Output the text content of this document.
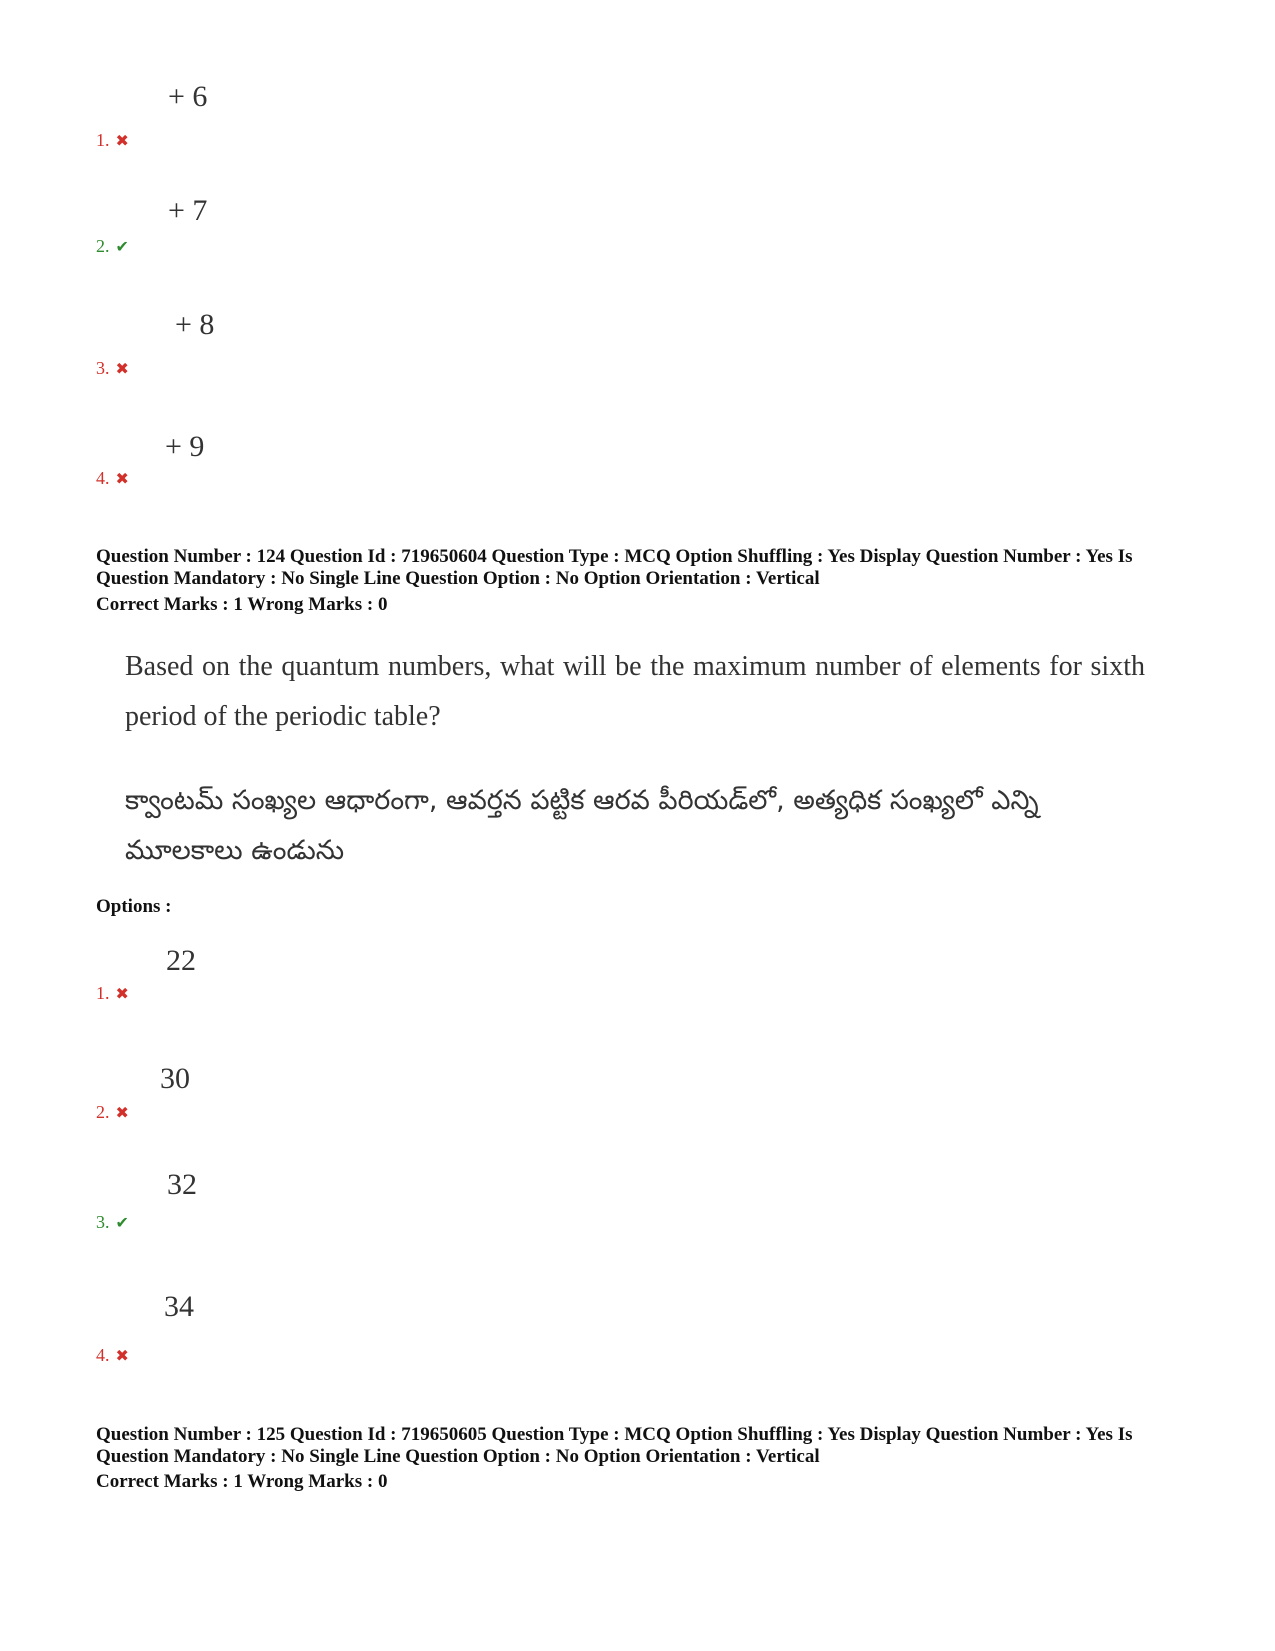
+ 6
1. ✖
+ 7
2. ✔
+ 8
3. ✖
+ 9
4. ✖
Question Number : 124 Question Id : 719650604 Question Type : MCQ Option Shuffling : Yes Display Question Number : Yes Is
Question Mandatory : No Single Line Question Option : No Option Orientation : Vertical
Correct Marks : 1 Wrong Marks : 0
Based on the quantum numbers, what will be the maximum number of elements for sixth period of the periodic table?
క్వాంటమ్ సంఖ్యల ఆధారంగా, ఆవర్తన పట్టిక ఆరవ పీరియడ్‌లో, అత్యధిక సంఖ్యలో ఎన్ని మూలకాలు ఉండును
Options :
22
1. ✖
30
2. ✖
32
3. ✔
34
4. ✖
Question Number : 125 Question Id : 719650605 Question Type : MCQ Option Shuffling : Yes Display Question Number : Yes Is
Question Mandatory : No Single Line Question Option : No Option Orientation : Vertical
Correct Marks : 1 Wrong Marks : 0
